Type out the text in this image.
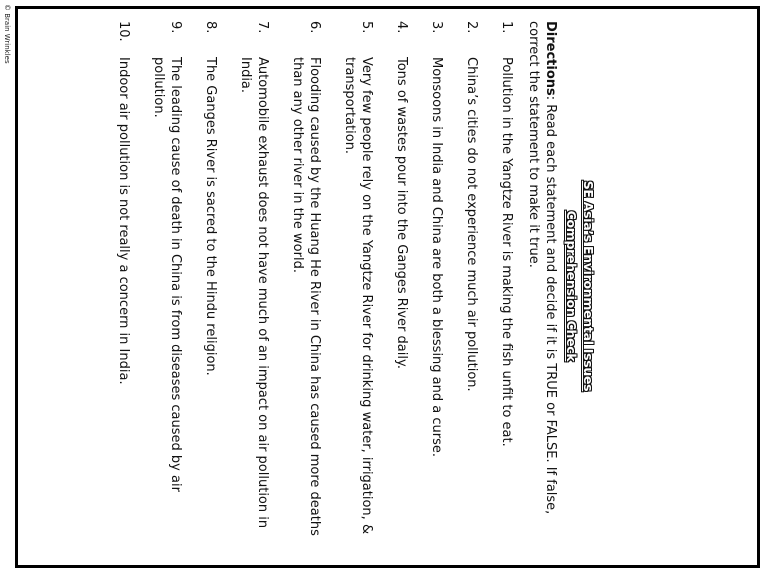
© Brain Wrinkles
SE Asia’s Environmental Issues
Comprehension Check

Directions: Read each statement and decide if it is TRUE or FALSE. If false, correct the statement to make it true.

1.
Pollution in the Yangtze River is making the fish unfit to eat.
2.
China’s cities do not experience much air pollution.
3.
Monsoons in India and China are both a blessing and a curse.
4.
Tons of wastes pour into the Ganges River daily.
5.
Very few people rely on the Yangtze River for drinking water, irrigation, & transportation.
6.
Flooding caused by the Huang He River in China has caused more deaths than any other river in the world.
7.
Automobile exhaust does not have much of an impact on air pollution in India.
8.
The Ganges River is sacred to the Hindu religion.
9.
The leading cause of death in China is from diseases caused by air pollution.
10.
Indoor air pollution is not really a concern in India.
